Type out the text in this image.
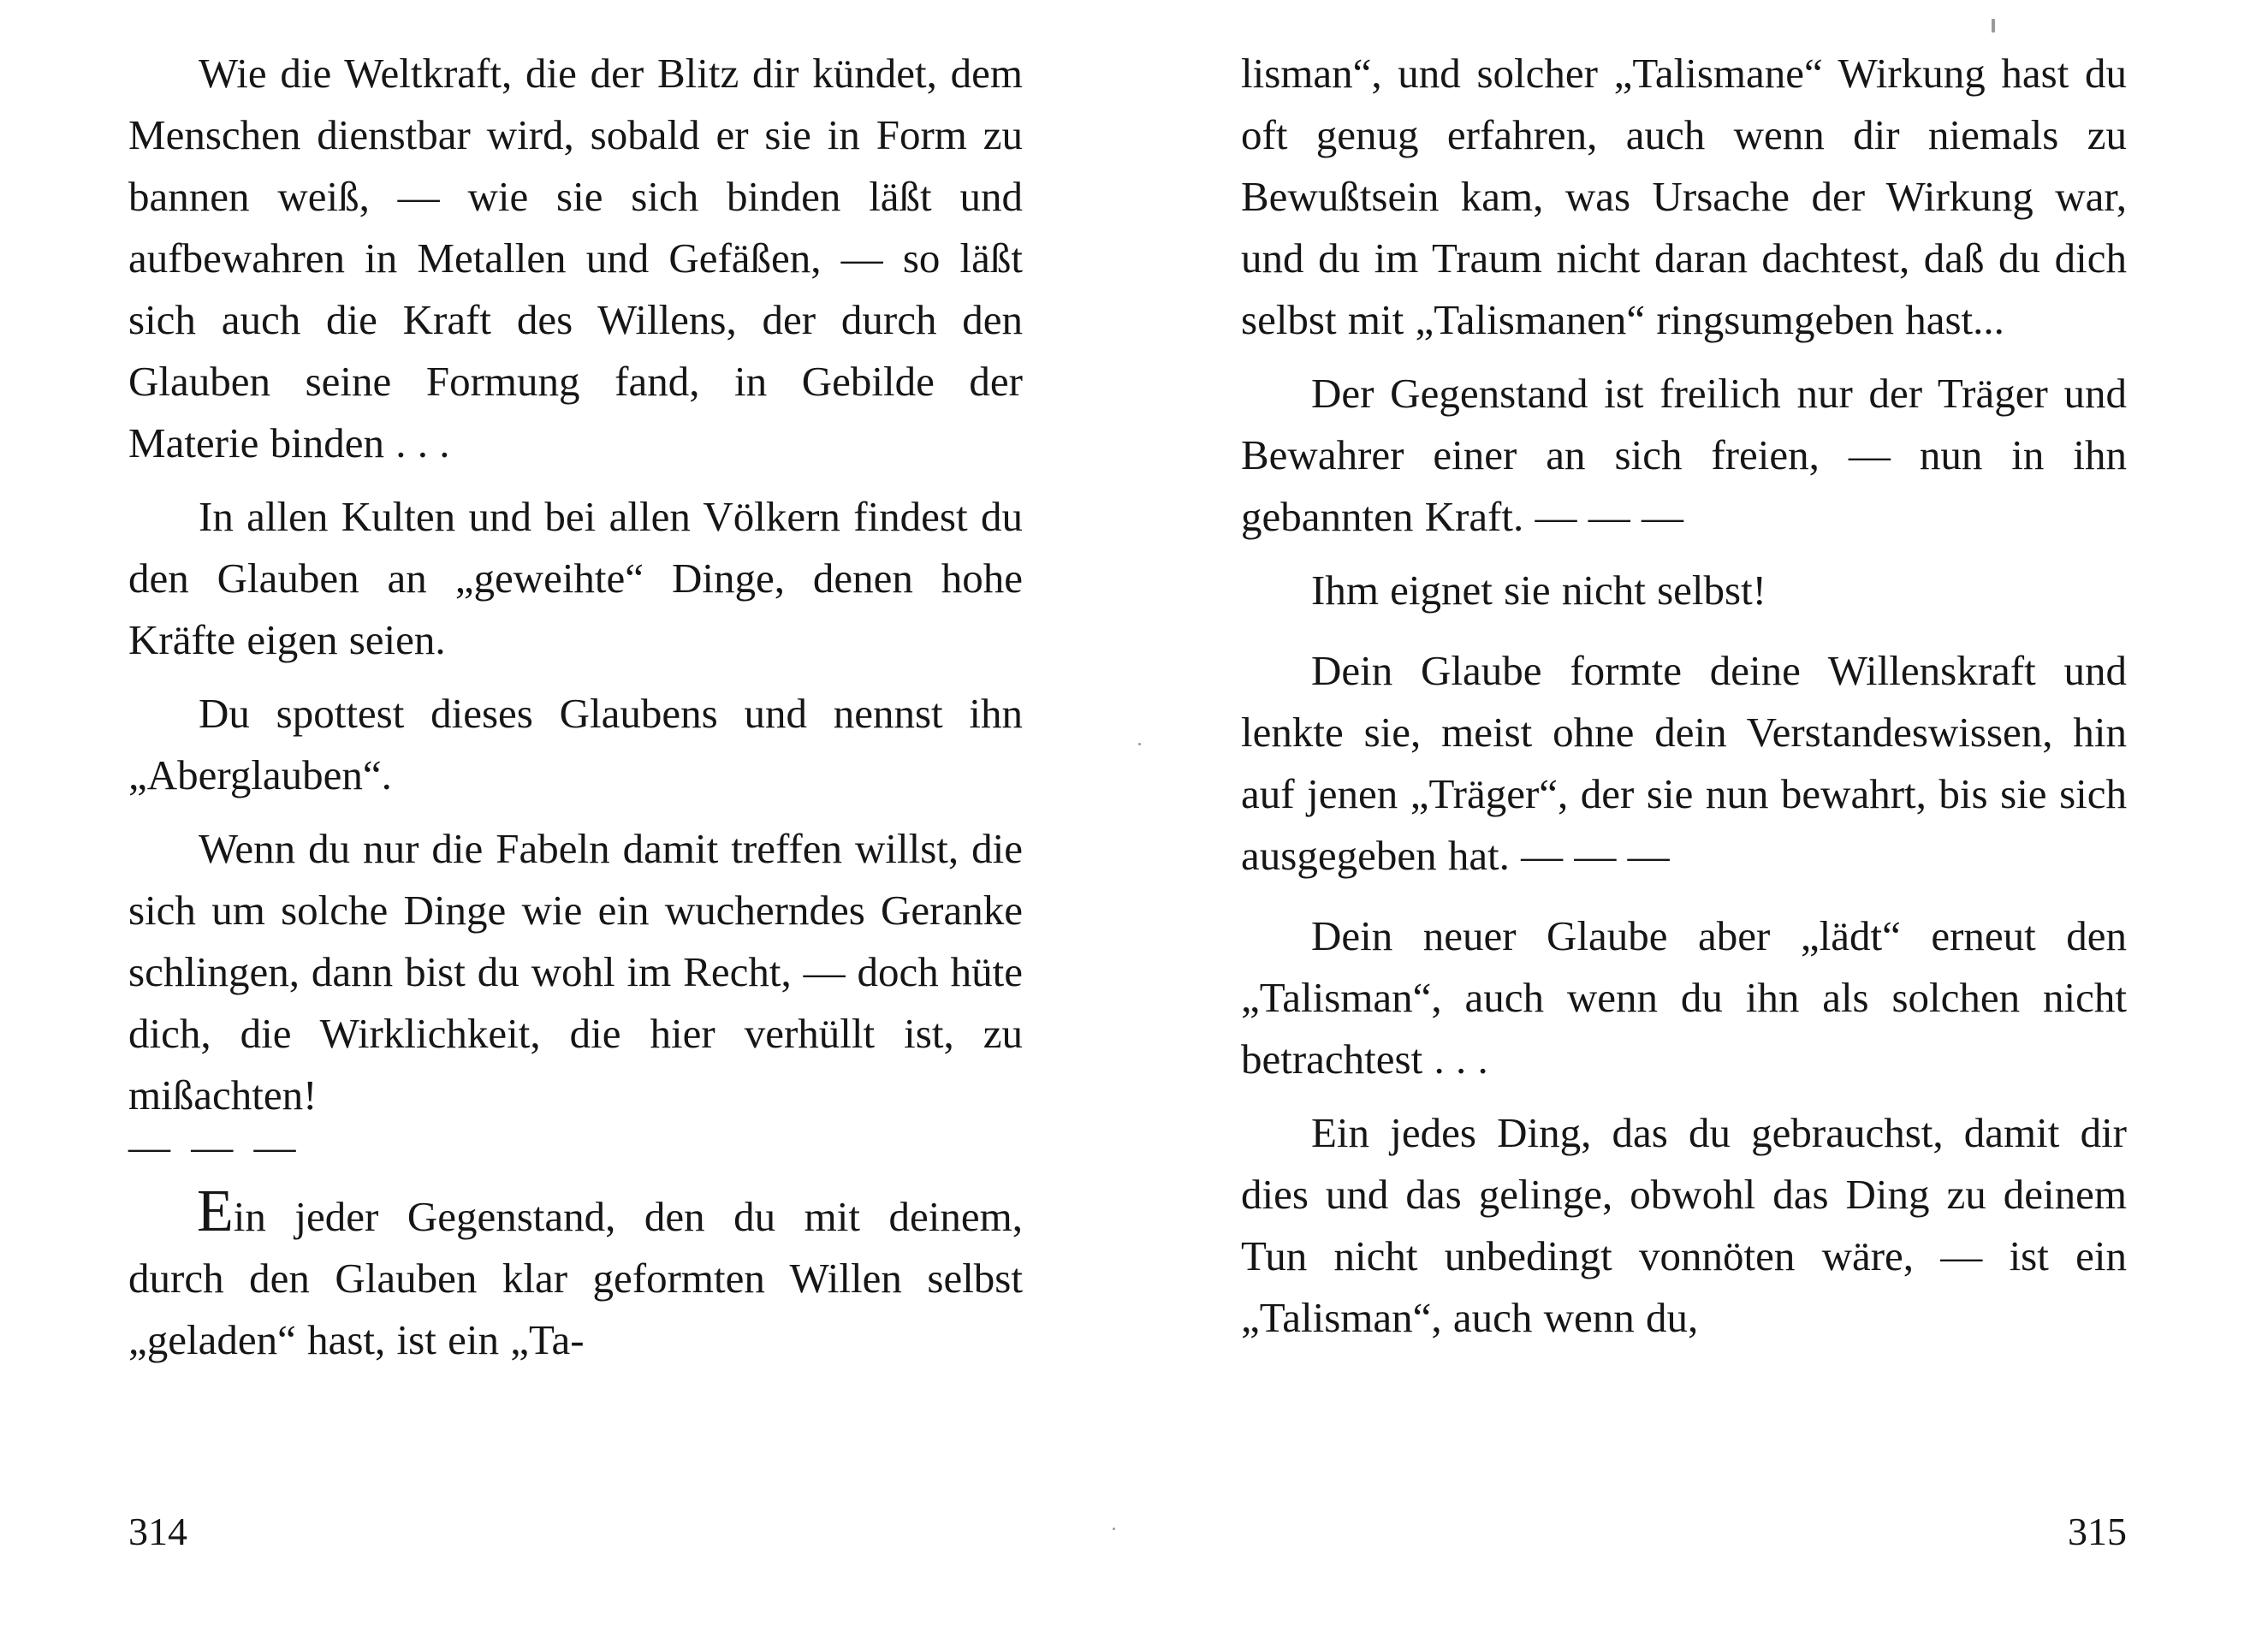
Wie die Weltkraft, die der Blitz dir kündet, dem Menschen dienstbar wird, sobald er sie in Form zu bannen weiß, — wie sie sich binden läßt und aufbewahren in Metallen und Gefäßen, — so läßt sich auch die Kraft des Willens, der durch den Glauben seine Formung fand, in Gebilde der Materie binden . . .

In allen Kulten und bei allen Völkern findest du den Glauben an „geweihte“ Dinge, denen hohe Kräfte eigen seien.

Du spottest dieses Glaubens und nennst ihn „Aberglauben“.

Wenn du nur die Fabeln damit treffen willst, die sich um solche Dinge wie ein wucherndes Geranke schlingen, dann bist du wohl im Recht, — doch hüte dich, die Wirklichkeit, die hier verhüllt ist, zu mißachten!

— — —

Ein jeder Gegenstand, den du mit deinem, durch den Glauben klar geformten Willen selbst „geladen“ hast, ist ein „Ta-

314

lisman“, und solcher „Talismane“ Wirkung hast du oft genug erfahren, auch wenn dir niemals zu Bewußtsein kam, was Ursache der Wirkung war, und du im Traum nicht daran dachtest, daß du dich selbst mit „Talismanen“ ringsumgeben hast...

Der Gegenstand ist freilich nur der Träger und Bewahrer einer an sich freien, — nun in ihn gebannten Kraft. — — —

Ihm eignet sie nicht selbst!

Dein Glaube formte deine Willenskraft und lenkte sie, meist ohne dein Verstandeswissen, hin auf jenen „Träger“, der sie nun bewahrt, bis sie sich ausgegeben hat. — — —

Dein neuer Glaube aber „lädt“ erneut den „Talisman“, auch wenn du ihn als solchen nicht betrachtest . . .

Ein jedes Ding, das du gebrauchst, damit dir dies und das gelinge, obwohl das Ding zu deinem Tun nicht unbedingt vonnöten wäre, — ist ein „Talisman“, auch wenn du,

315
